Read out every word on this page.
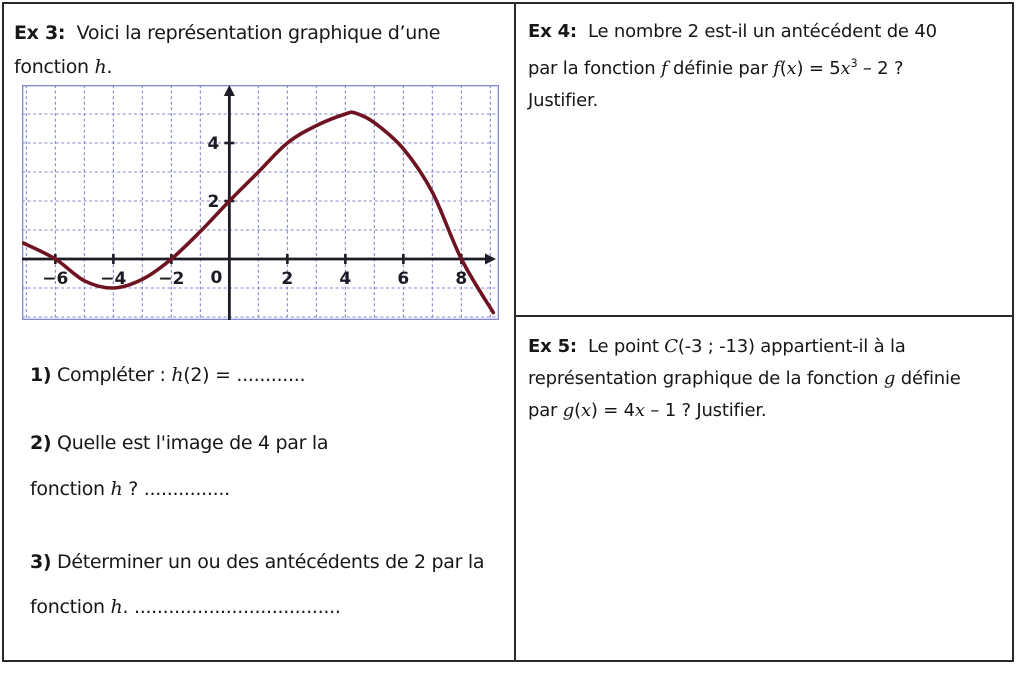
Ex 3:  Voici la représentation graphique d’une
fonction h.
−6 −4 −2	2	4	6	8
2
4
0
1) Compléter : h(2) = ............
2) Quelle est l'image de 4 par la
fonction h ? ...............
3) Déterminer un ou des antécédents de 2 par la
fonction h. ....................................
Ex 4:  Le nombre 2 est-il un antécédent de 40
par la fonction f définie par $f(x) = 5x^3 - 2$ ?
Justifier.
Ex 5:  Le point C(-3 ; -13) appartient-il à la
représentation graphique de la fonction g définie
par g(x) = 4x – 1 ? Justifier.
